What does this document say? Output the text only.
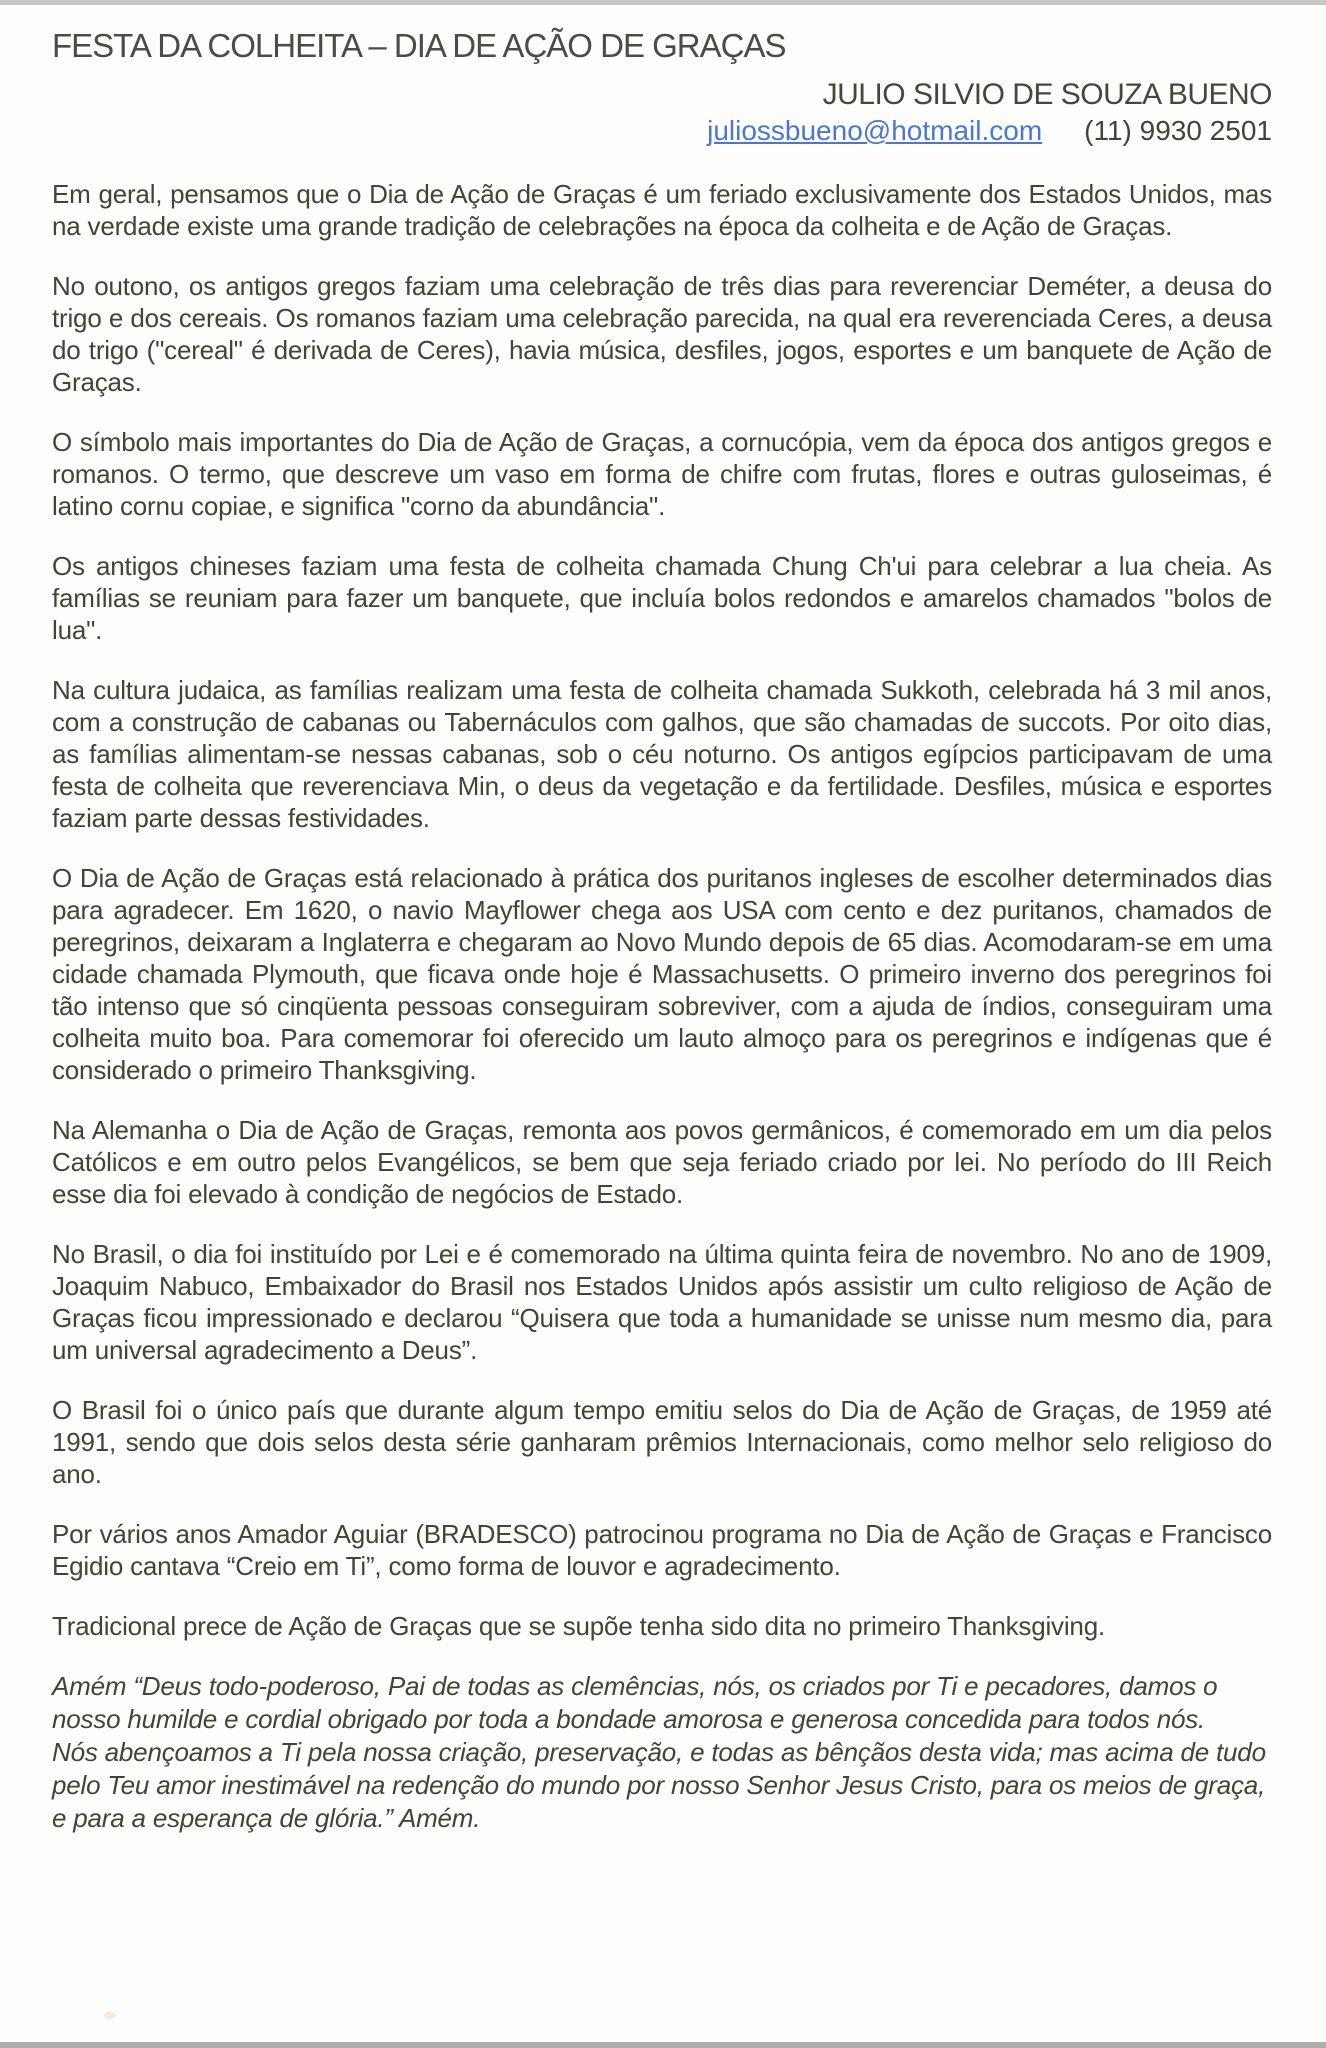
FESTA DA COLHEITA – DIA DE AÇÃO DE GRAÇAS
JULIO SILVIO DE SOUZA BUENO
juliossbueno@hotmail.com (11) 9930 2501

Em geral, pensamos que o Dia de Ação de Graças é um feriado exclusivamente dos Estados Unidos, mas na verdade existe uma grande tradição de celebrações na época da colheita e de Ação de Graças.

No outono, os antigos gregos faziam uma celebração de três dias para reverenciar Deméter, a deusa do trigo e dos cereais. Os romanos faziam uma celebração parecida, na qual era reverenciada Ceres, a deusa do trigo ("cereal" é derivada de Ceres), havia música, desfiles, jogos, esportes e um banquete de Ação de Graças.

O símbolo mais importantes do Dia de Ação de Graças, a cornucópia, vem da época dos antigos gregos e romanos. O termo, que descreve um vaso em forma de chifre com frutas, flores e outras guloseimas, é latino cornu copiae, e significa "corno da abundância".

Os antigos chineses faziam uma festa de colheita chamada Chung Ch'ui para celebrar a lua cheia. As famílias se reuniam para fazer um banquete, que incluía bolos redondos e amarelos chamados "bolos de lua".

Na cultura judaica, as famílias realizam uma festa de colheita chamada Sukkoth, celebrada há 3 mil anos, com a construção de cabanas ou Tabernáculos com galhos, que são chamadas de succots. Por oito dias, as famílias alimentam-se nessas cabanas, sob o céu noturno. Os antigos egípcios participavam de uma festa de colheita que reverenciava Min, o deus da vegetação e da fertilidade. Desfiles, música e esportes faziam parte dessas festividades.

O Dia de Ação de Graças está relacionado à prática dos puritanos ingleses de escolher determinados dias para agradecer. Em 1620, o navio Mayflower chega aos USA com cento e dez puritanos, chamados de peregrinos, deixaram a Inglaterra e chegaram ao Novo Mundo depois de 65 dias. Acomodaram-se em uma cidade chamada Plymouth, que ficava onde hoje é Massachusetts. O primeiro inverno dos peregrinos foi tão intenso que só cinqüenta pessoas conseguiram sobreviver, com a ajuda de índios, conseguiram uma colheita muito boa. Para comemorar foi oferecido um lauto almoço para os peregrinos e indígenas que é considerado o primeiro Thanksgiving.

Na Alemanha o Dia de Ação de Graças, remonta aos povos germânicos, é comemorado em um dia pelos Católicos e em outro pelos Evangélicos, se bem que seja feriado criado por lei. No período do III Reich esse dia foi elevado à condição de negócios de Estado.

No Brasil, o dia foi instituído por Lei e é comemorado na última quinta feira de novembro. No ano de 1909, Joaquim Nabuco, Embaixador do Brasil nos Estados Unidos após assistir um culto religioso de Ação de Graças ficou impressionado e declarou “Quisera que toda a humanidade se unisse num mesmo dia, para um universal agradecimento a Deus”.

O Brasil foi o único país que durante algum tempo emitiu selos do Dia de Ação de Graças, de 1959 até 1991, sendo que dois selos desta série ganharam prêmios Internacionais, como melhor selo religioso do ano.

Por vários anos Amador Aguiar (BRADESCO) patrocinou programa no Dia de Ação de Graças e Francisco Egidio cantava “Creio em Ti”, como forma de louvor e agradecimento.

Tradicional prece de Ação de Graças que se supõe tenha sido dita no primeiro Thanksgiving.

Amém “Deus todo-poderoso, Pai de todas as clemências, nós, os criados por Ti e pecadores, damos o nosso humilde e cordial obrigado por toda a bondade amorosa e generosa concedida para todos nós.

Nós abençoamos a Ti pela nossa criação, preservação, e todas as bênçãos desta vida; mas acima de tudo pelo Teu amor inestimável na redenção do mundo por nosso Senhor Jesus Cristo, para os meios de graça, e para a esperança de glória.” Amém.
